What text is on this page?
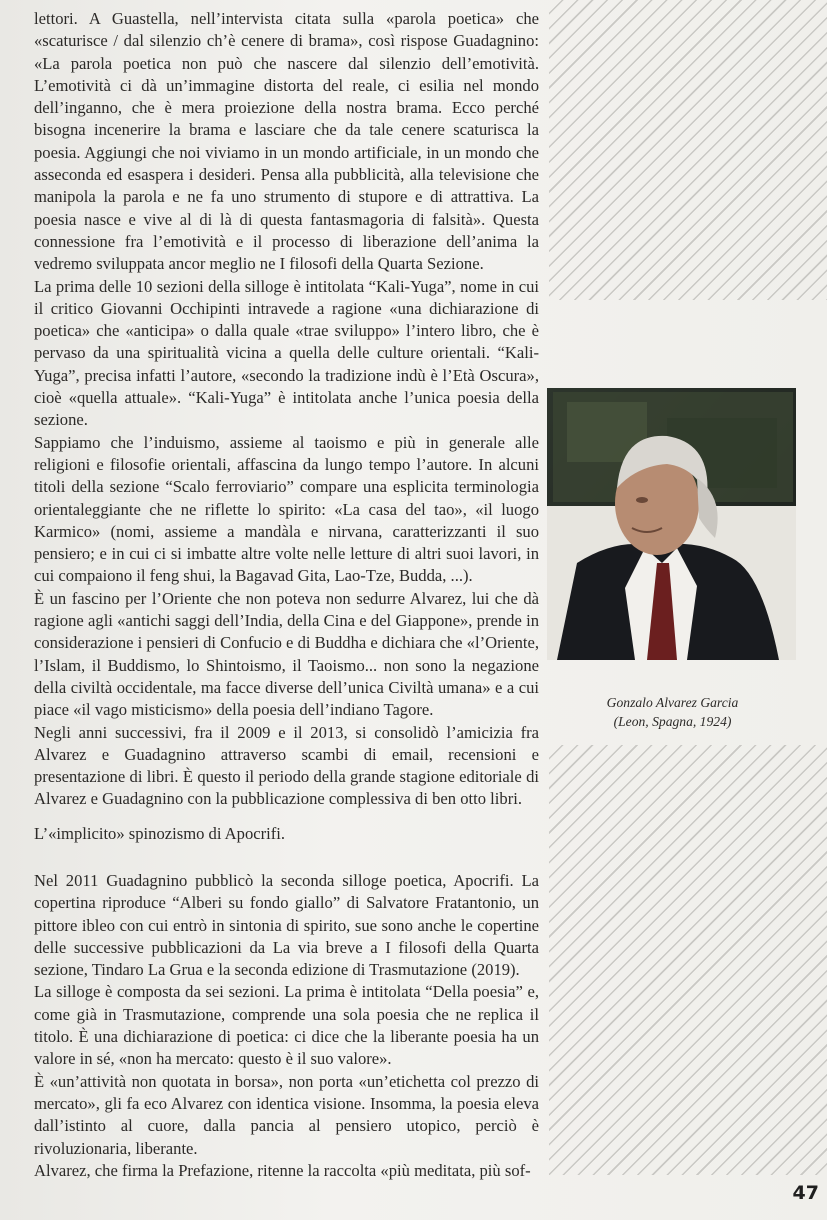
lettori. A Guastella, nell’intervista citata sulla «parola poetica» che «scaturisce / dal silenzio ch’è cenere di brama», così rispose Guadagnino: «La parola poetica non può che nascere dal silenzio dell’emotività. L’emotività ci dà un’immagine distorta del reale, ci esilia nel mondo dell’inganno, che è mera proiezione della nostra brama. Ecco perché bisogna incenerire la brama e lasciare che da tale cenere scaturisca la poesia. Aggiungi che noi viviamo in un mondo artificiale, in un mondo che asseconda ed esaspera i desideri. Pensa alla pubblicità, alla televisione che manipola la parola e ne fa uno strumento di stupore e di attrattiva. La poesia nasce e vive al di là di questa fantasmagoria di falsità». Questa connessione fra l’emotività e il processo di liberazione dell’anima la vedremo sviluppata ancor meglio ne I filosofi della Quarta Sezione.

La prima delle 10 sezioni della silloge è intitolata “Kali-Yuga”, nome in cui il critico Giovanni Occhipinti intravede a ragione «una dichiarazione di poetica» che «anticipa» o dalla quale «trae sviluppo» l’intero libro, che è pervaso da una spiritualità vicina a quella delle culture orientali. “Kali-Yuga”, precisa infatti l’autore, «secondo la tradizione indù è l’Età Oscura», cioè «quella attuale». “Kali-Yuga” è intitolata anche l’unica poesia della sezione.

Sappiamo che l’induismo, assieme al taoismo e più in generale alle religioni e filosofie orientali, affascina da lungo tempo l’autore. In alcuni titoli della sezione “Scalo ferroviario” compare una esplicita terminologia orientaleggiante che ne riflette lo spirito: «La casa del tao», «il luogo Karmico» (nomi, assieme a mandàla e nirvana, caratterizzanti il suo pensiero; e in cui ci si imbatte altre volte nelle letture di altri suoi lavori, in cui compaiono il feng shui, la Bagavad Gita, Lao-Tze, Budda, ...).

È un fascino per l’Oriente che non poteva non sedurre Alvarez, lui che dà ragione agli «antichi saggi dell’India, della Cina e del Giappone», prende in considerazione i pensieri di Confucio e di Buddha e dichiara che «l’Oriente, l’Islam, il Buddismo, lo Shintoismo, il Taoismo... non sono la negazione della civiltà occidentale, ma facce diverse dell’unica Civiltà umana» e a cui piace «il vago misticismo» della poesia dell’indiano Tagore.

Negli anni successivi, fra il 2009 e il 2013, si consolidò l’amicizia fra Alvarez e Guadagnino attraverso scambi di email, recensioni e presentazione di libri. È questo il periodo della grande stagione editoriale di Alvarez e Guadagnino con la pubblicazione complessiva di ben otto libri.

L’«implicito» spinozismo di Apocrifi.

Nel 2011 Guadagnino pubblicò la seconda silloge poetica, Apocrifi. La copertina riproduce “Alberi su fondo giallo” di Salvatore Fratantonio, un pittore ibleo con cui entrò in sintonia di spirito, sue sono anche le copertine delle successive pubblicazioni da La via breve a I filosofi della Quarta sezione, Tindaro La Grua e la seconda edizione di Trasmutazione (2019).

La silloge è composta da sei sezioni. La prima è intitolata “Della poesia” e, come già in Trasmutazione, comprende una sola poesia che ne replica il titolo. È una dichiarazione di poetica: ci dice che la liberante poesia ha un valore in sé, «non ha mercato: questo è il suo valore».

È «un’attività non quotata in borsa», non porta «un’etichetta col prezzo di mercato», gli fa eco Alvarez con identica visione. Insomma, la poesia eleva dall’istinto al cuore, dalla pancia al pensiero utopico, perciò è rivoluzionaria, liberante.

Alvarez, che firma la Prefazione, ritenne la raccolta «più meditata, più sof-

Gonzalo Alvarez Garcia
(Leon, Spagna, 1924)
47
